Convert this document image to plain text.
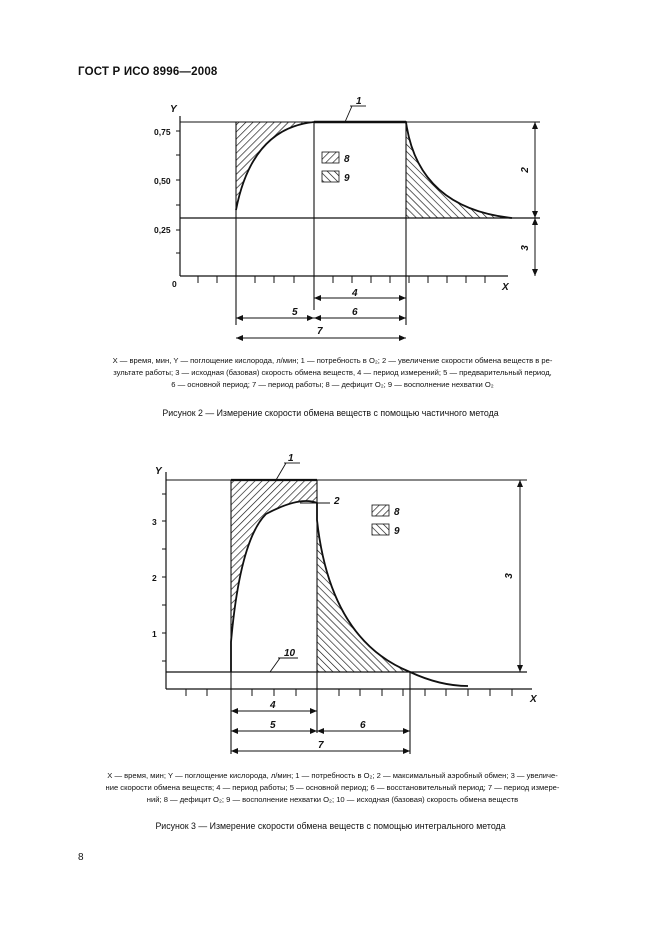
ГОСТ Р ИСО 8996—2008
Y
X
0
0,75
0,50
0,25
8
9
1
2
3
4
5	6
7
X — время, мин, Y — поглощение кислорода, л/мин; 1 — потребность в O₂; 2 — увеличение скорости обмена веществ в ре-
зультате работы; 3 — исходная (базовая) скорость обмена веществ, 4 — период измерений; 5 — предварительный период,
6 — основной период; 7 — период работы; 8 — дефицит O₂; 9 — восполнение нехватки O₂
Рисунок 2 — Измерение скорости обмена веществ с помощью частичного метода
Y
X
3
2
1
2
8
9
1
10
3
4
5	6
7
X — время, мин; Y — поглощение кислорода, л/мин; 1 — потребность в O₂; 2 — максимальный аэробный обмен; 3 — увеличе-
ние скорости обмена веществ; 4 — период работы; 5 — основной период; 6 — восстановительный период; 7 — период измере-
ний; 8 — дефицит O₂; 9 — восполнение нехватки O₂; 10 — исходная (базовая) скорость обмена веществ
Рисунок 3 — Измерение скорости обмена веществ с помощью интегрального метода
8
